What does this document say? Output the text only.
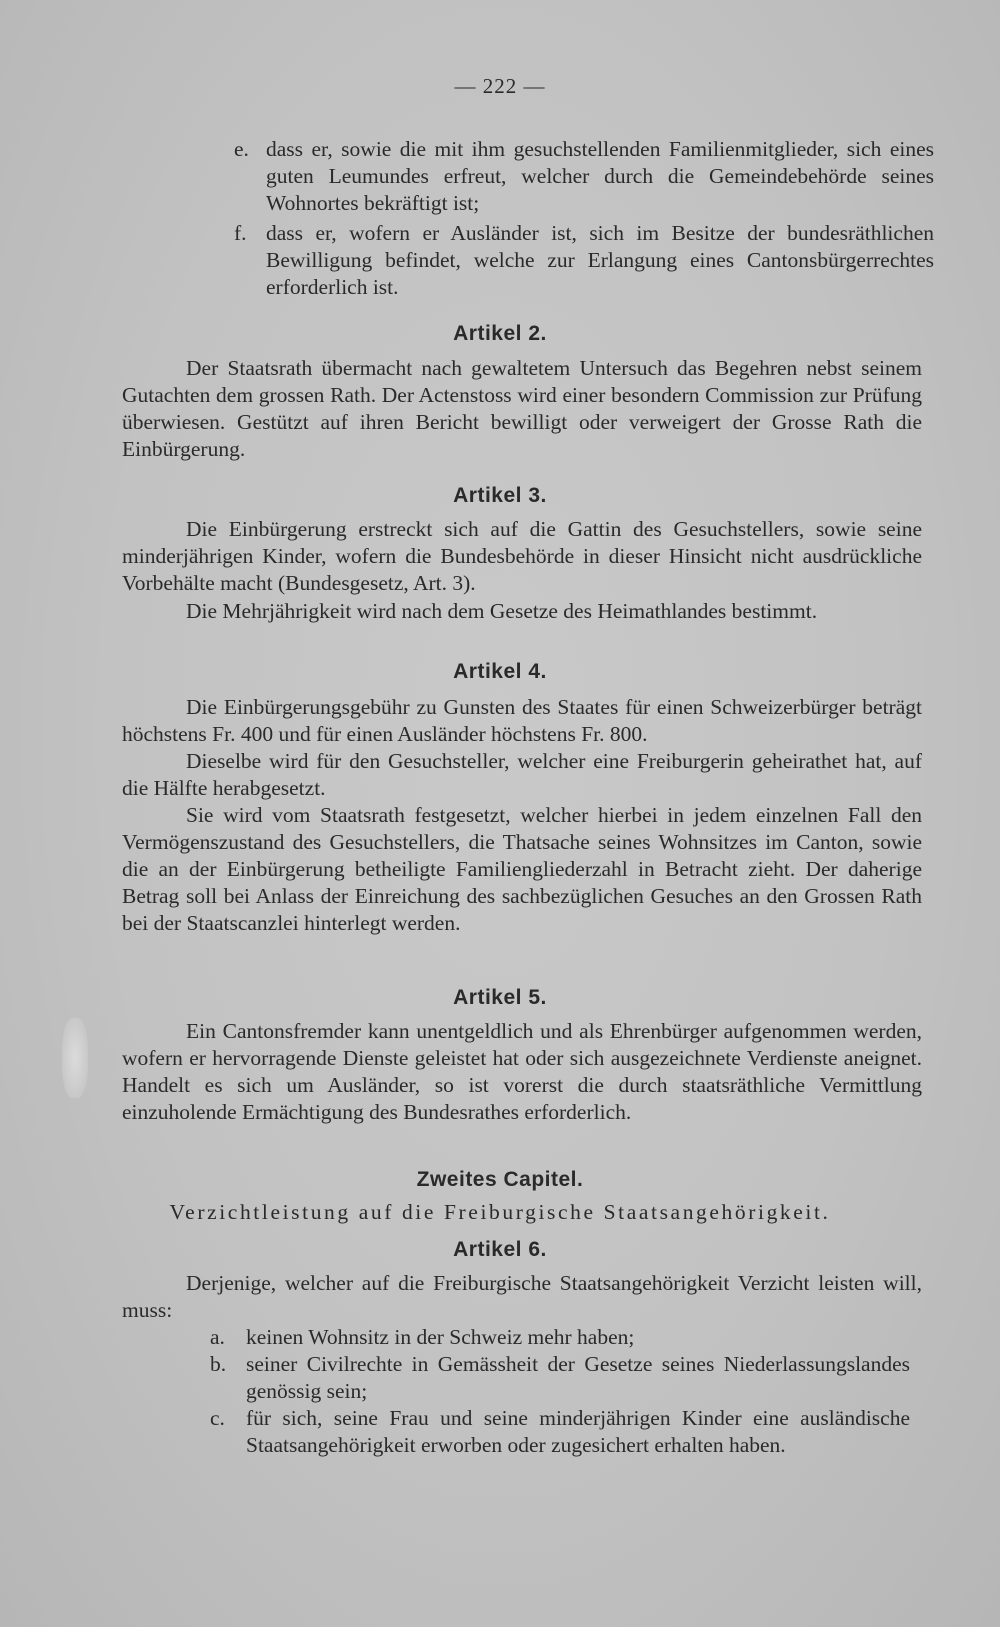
— 222 —
e. dass er, sowie die mit ihm gesuchstellenden Familienmitglieder, sich eines guten Leumundes erfreut, welcher durch die Gemeindebehörde seines Wohnortes bekräftigt ist;
f. dass er, wofern er Ausländer ist, sich im Besitze der bundesräthlichen Bewilligung befindet, welche zur Erlangung eines Cantonsbürgerrechtes erforderlich ist.
Artikel 2.
Der Staatsrath übermacht nach gewaltetem Untersuch das Begehren nebst seinem Gutachten dem grossen Rath. Der Actenstoss wird einer besondern Commission zur Prüfung überwiesen. Gestützt auf ihren Bericht bewilligt oder verweigert der Grosse Rath die Einbürgerung.
Artikel 3.
Die Einbürgerung erstreckt sich auf die Gattin des Gesuchstellers, sowie seine minderjährigen Kinder, wofern die Bundesbehörde in dieser Hinsicht nicht ausdrückliche Vorbehälte macht (Bundesgesetz, Art. 3).
Die Mehrjährigkeit wird nach dem Gesetze des Heimathlandes bestimmt.
Artikel 4.
Die Einbürgerungsgebühr zu Gunsten des Staates für einen Schweizerbürger beträgt höchstens Fr. 400 und für einen Ausländer höchstens Fr. 800.
Dieselbe wird für den Gesuchsteller, welcher eine Freiburgerin geheirathet hat, auf die Hälfte herabgesetzt.
Sie wird vom Staatsrath festgesetzt, welcher hierbei in jedem einzelnen Fall den Vermögenszustand des Gesuchstellers, die Thatsache seines Wohnsitzes im Canton, sowie die an der Einbürgerung betheiligte Familiengliederzahl in Betracht zieht. Der daherige Betrag soll bei Anlass der Einreichung des sachbezüglichen Gesuches an den Grossen Rath bei der Staatscanzlei hinterlegt werden.
Artikel 5.
Ein Cantonsfremder kann unentgeldlich und als Ehrenbürger aufgenommen werden, wofern er hervorragende Dienste geleistet hat oder sich ausgezeichnete Verdienste aneignet. Handelt es sich um Ausländer, so ist vorerst die durch staatsräthliche Vermittlung einzuholende Ermächtigung des Bundesrathes erforderlich.
Zweites Capitel.
Verzichtleistung auf die Freiburgische Staatsangehörigkeit.
Artikel 6.
Derjenige, welcher auf die Freiburgische Staatsangehörigkeit Verzicht leisten will, muss:
a. keinen Wohnsitz in der Schweiz mehr haben;
b. seiner Civilrechte in Gemässheit der Gesetze seines Niederlassungslandes genössig sein;
c. für sich, seine Frau und seine minderjährigen Kinder eine ausländische Staatsangehörigkeit erworben oder zugesichert erhalten haben.
